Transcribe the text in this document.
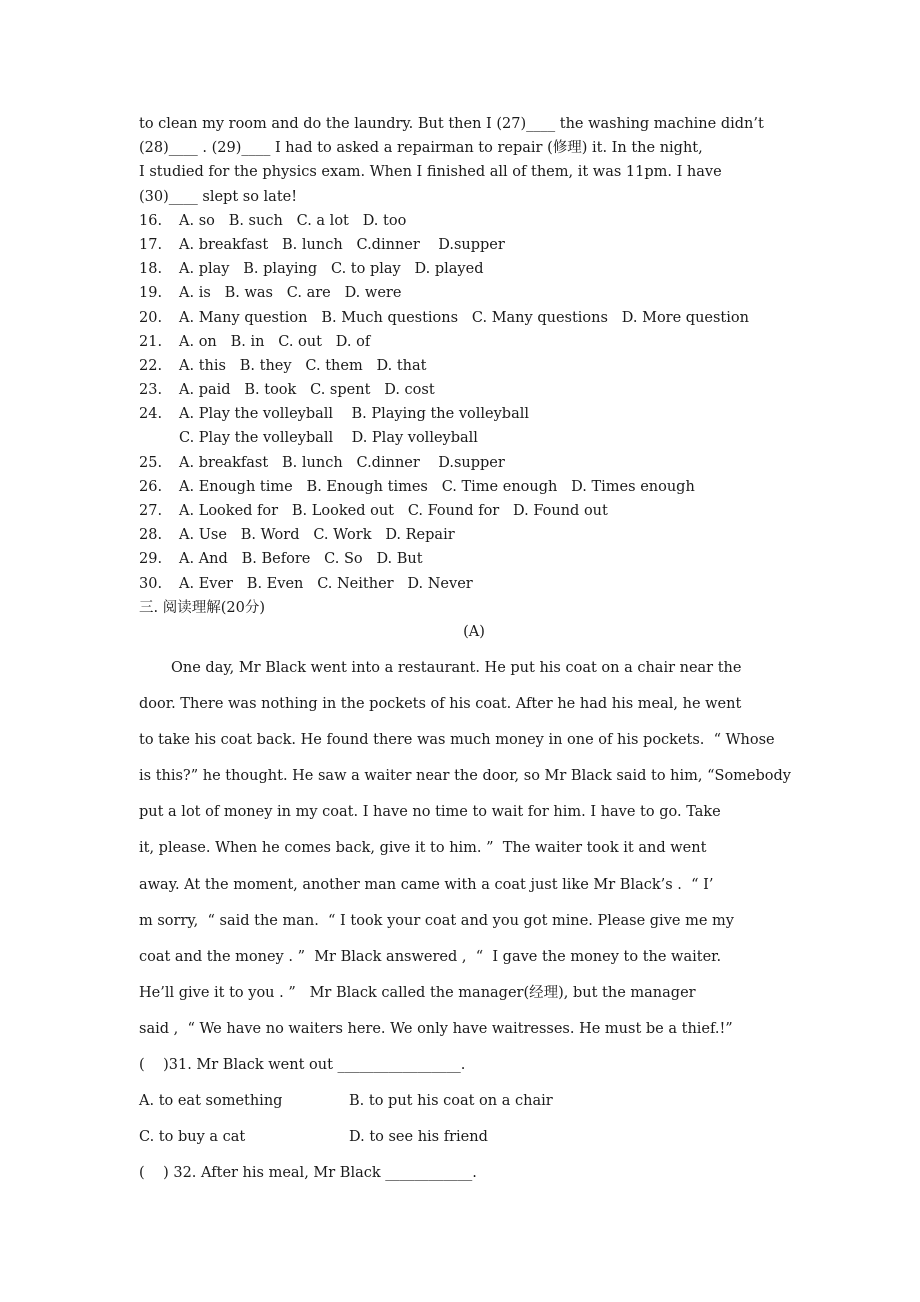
to clean my room and do the laundry. But then I (27)____ the washing machine didn’t
(28)____ . (29)____ I had to asked a repairman to repair (修理) it. In the night,
I studied for the physics exam. When I finished all of them, it was 11pm. I have
(30)____ slept so late!
16. A. so   B. such   C. a lot   D. too
17. A. breakfast   B. lunch   C.dinner    D.supper
18. A. play   B. playing   C. to play   D. played
19. A. is   B. was   C. are   D. were
20. A. Many question   B. Much questions   C. Many questions   D. More question
21. A. on   B. in   C. out   D. of
22. A. this   B. they   C. them   D. that
23. A. paid   B. took   C. spent   D. cost
24. A. Play the volleyball    B. Playing the volleyball
C. Play the volleyball    D. Play volleyball
25. A. breakfast   B. lunch   C.dinner    D.supper
26. A. Enough time   B. Enough times   C. Time enough   D. Times enough
27. A. Looked for   B. Looked out   C. Found for   D. Found out
28. A. Use   B. Word   C. Work   D. Repair
29. A. And   B. Before   C. So   D. But
30. A. Ever   B. Even   C. Neither   D. Never
三. 阅读理解(20分)
(A)
One day, Mr Black went into a restaurant. He put his coat on a chair near the
door. There was nothing in the pockets of his coat. After he had his meal, he went
to take his coat back. He found there was much money in one of his pockets.  “ Whose
is this?” he thought. He saw a waiter near the door, so Mr Black said to him, “Somebody
put a lot of money in my coat. I have no time to wait for him. I have to go. Take
it, please. When he comes back, give it to him. ”  The waiter took it and went
away. At the moment, another man came with a coat just like Mr Black’s .  “ I’
m sorry,  “ said the man.  “ I took your coat and you got mine. Please give me my
coat and the money . ”  Mr Black answered ,  “  I gave the money to the waiter.
He’ll give it to you . ”   Mr Black called the manager(经理), but the manager
said ,  “ We have no waiters here. We only have waitresses. He must be a thief.!”
(    )31. Mr Black went out _________________.
A. to eat something	B. to put his coat on a chair
C. to buy a cat	D. to see his friend
(    ) 32. After his meal, Mr Black ____________.
